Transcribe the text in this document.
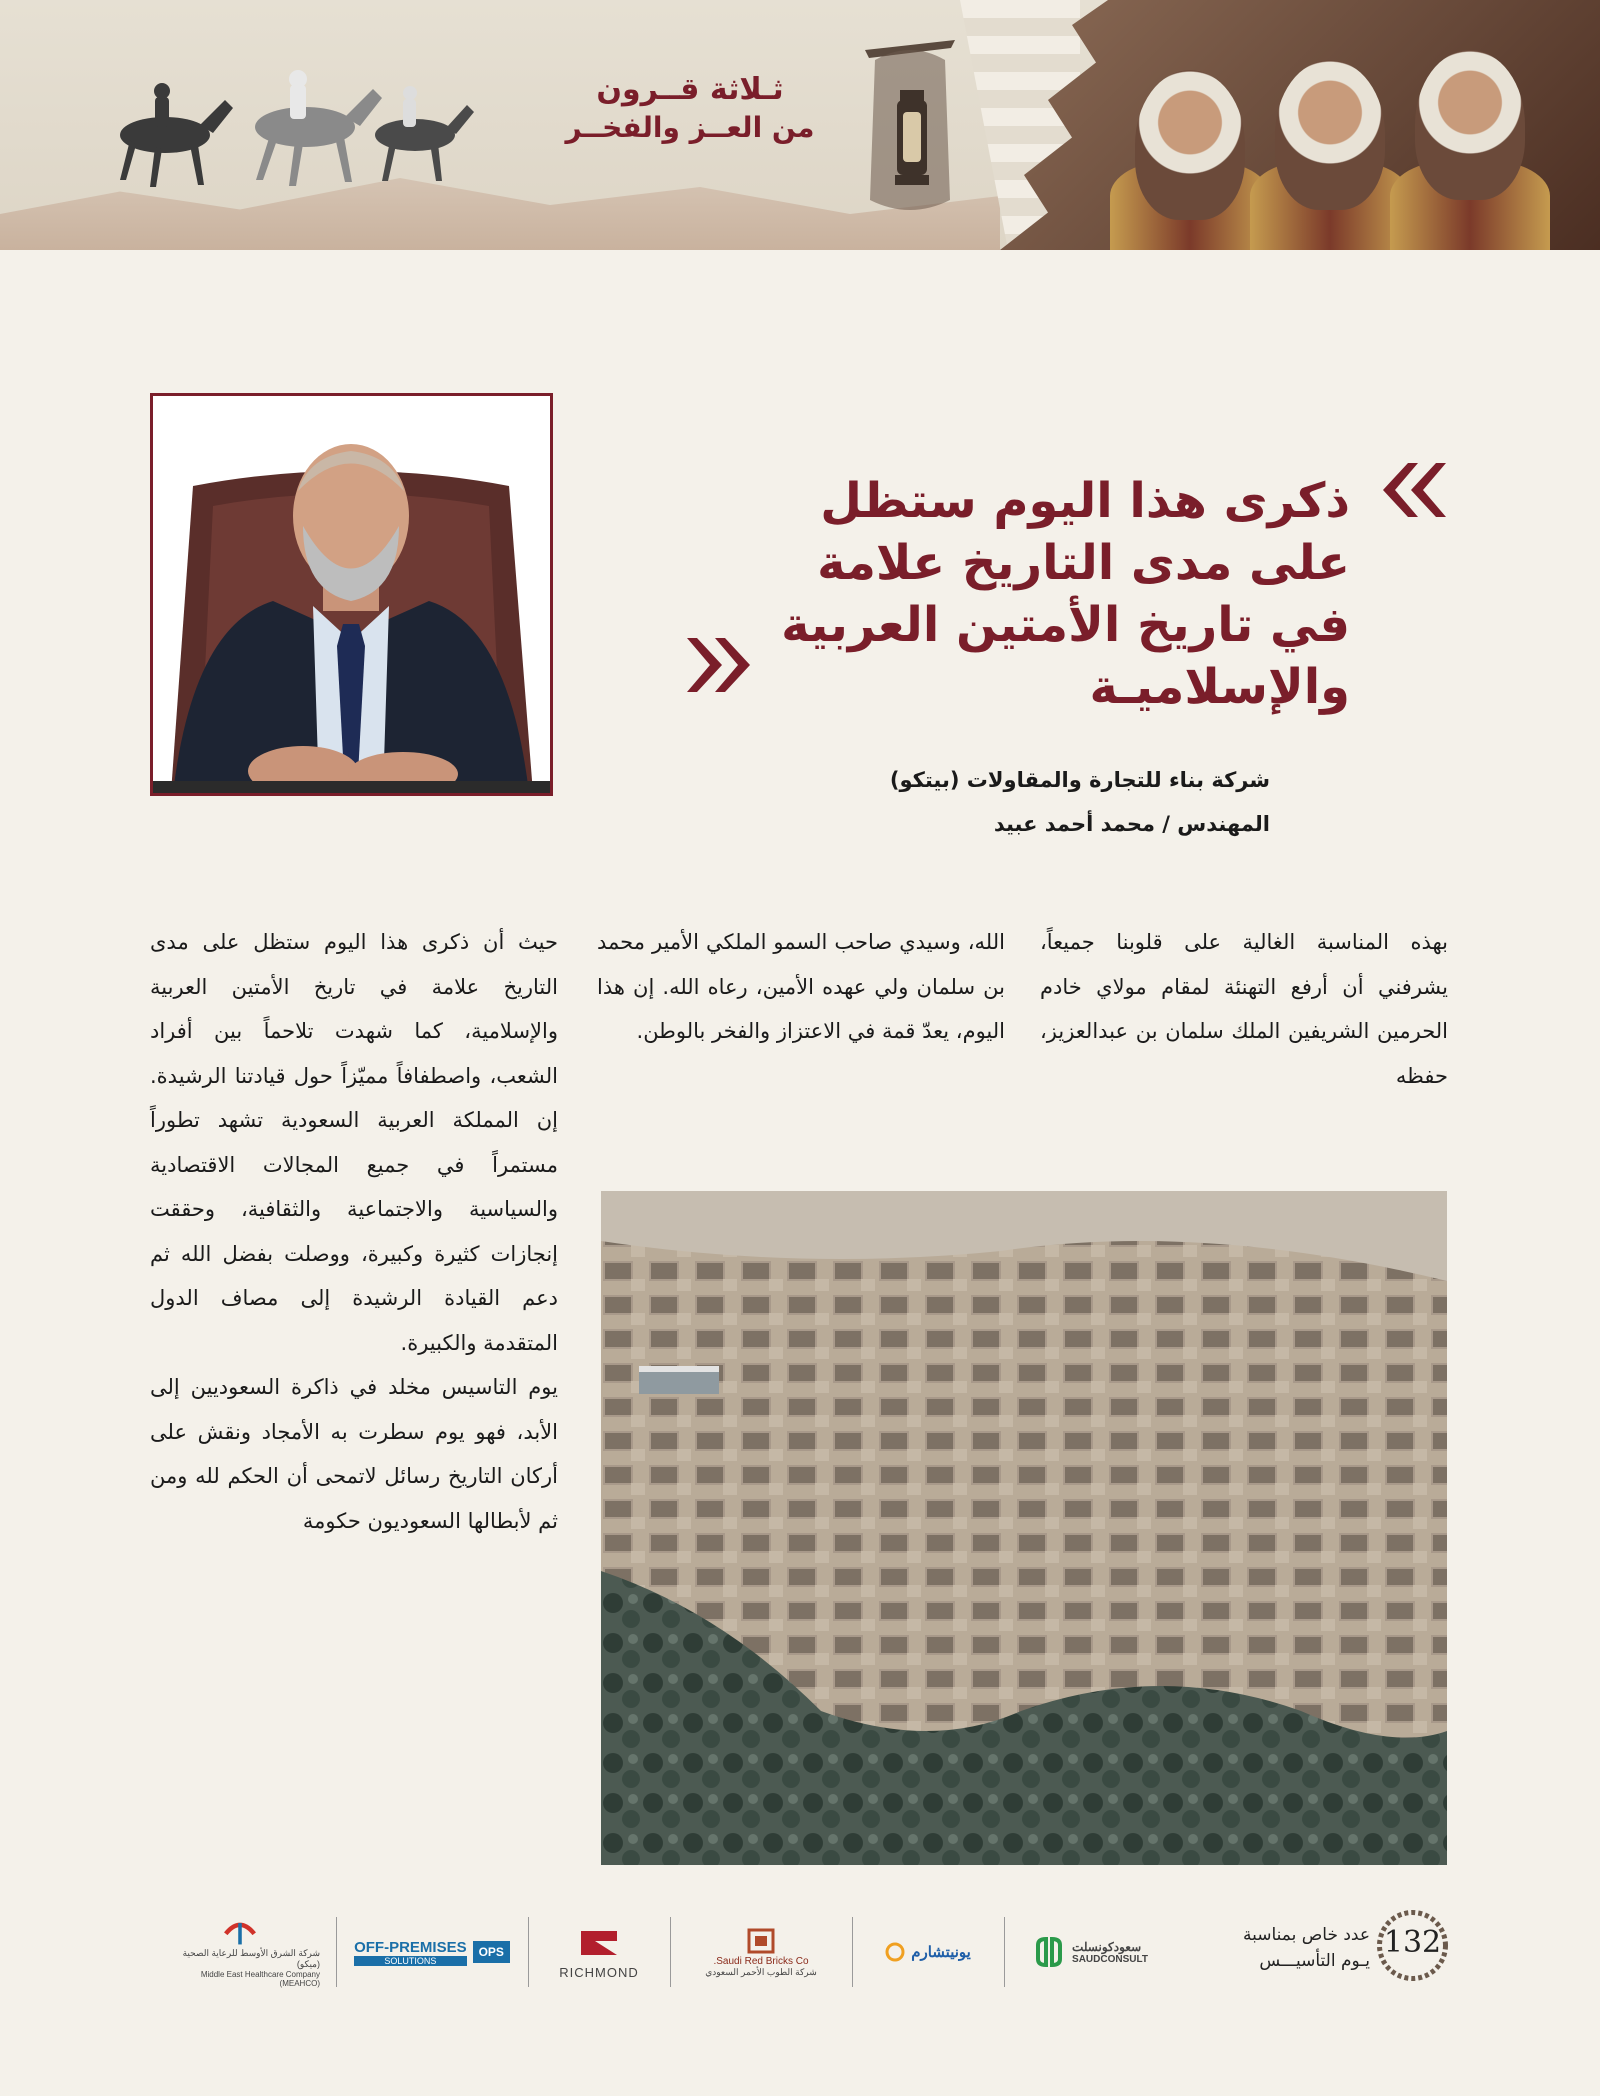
ثـلاثة قــرون
من العــز والفخــر
ذكرى هذا اليوم ستظل على مدى التاريخ علامة في تاريخ الأمتين العربية والإسلاميـة
شركة بناء للتجارة والمقاولات (بيتكو)
المهندس / محمد أحمد عبيد

بهذه المناسبة الغالية على قلوبنا جميعاً، يشرفني أن أرفع التهنئة لمقام مولاي خادم الحرمين الشريفين الملك سلمان بن عبدالعزيز، حفظه

الله، وسيدي صاحب السمو الملكي الأمير محمد بن سلمان ولي عهده الأمين، رعاه الله. إن هذا اليوم، يعدّ قمة في الاعتزاز والفخر بالوطن.

حيث أن ذكرى هذا اليوم ستظل على مدى التاريخ علامة في تاريخ الأمتين العربية والإسلامية، كما شهدت تلاحماً بين أفراد الشعب، واصطفافاً مميّزاً حول قيادتنا الرشيدة. إن المملكة العربية السعودية تشهد تطوراً مستمراً في جميع المجالات الاقتصادية والسياسية والاجتماعية والثقافية، وحققت إنجازات كثيرة وكبيرة، ووصلت بفضل الله ثم دعم القيادة الرشيدة إلى مصاف الدول المتقدمة والكبيرة.

يوم التاسيس مخلد في ذاكرة السعوديين إلى الأبد، فهو يوم سطرت به الأمجاد ونقش على أركان التاريخ رسائل لاتمحى أن الحكم لله ومن ثم لأبطالها السعوديون حكومة

132
عدد خاص بمناسبة
يـوم التأسيـــس
شركة الشرق الأوسط للرعاية الصحية (ميكو)
Middle East Healthcare Company (MEAHCO)
OPS
OFF-PREMISES
SOLUTIONS
RICHMOND
Saudi Red Bricks Co.
شركة الطوب الأحمر السعودي
يونيتشارم	سعودكونسلت
SAUDCONSULT
